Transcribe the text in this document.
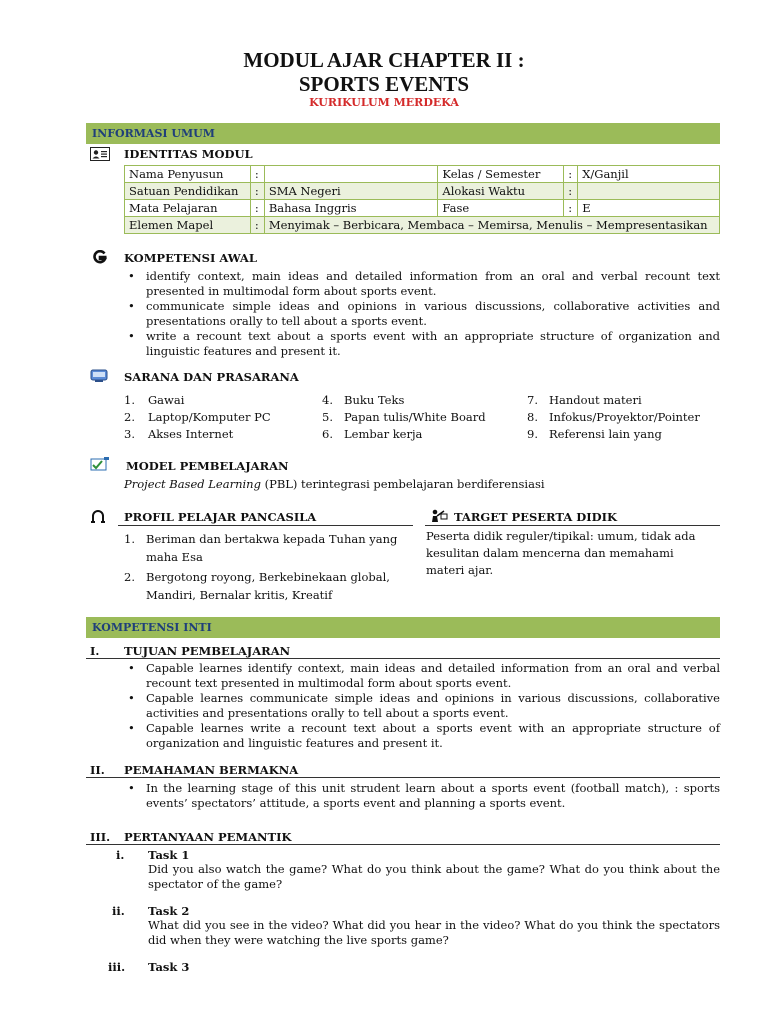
MODUL AJAR CHAPTER II :
SPORTS EVENTS
KURIKULUM MERDEKA
INFORMASI UMUM
IDENTITAS MODUL
Nama Penyusun	:		Kelas / Semester	:	X/Ganjil
Satuan Pendidikan	:	SMA Negeri	Alokasi Waktu	:	
Mata Pelajaran	:	Bahasa Inggris	Fase	:	E
Elemen Mapel	:	Menyimak – Berbicara, Membaca – Memirsa, Menulis – Mempresentasikan			
KOMPETENSI AWAL
• identify context, main ideas and detailed information from an oral and verbal recount text presented in multimodal form about sports event.
• communicate simple ideas and opinions in various discussions, collaborative activities and presentations orally to tell about a sports event.
• write a recount text about a sports event with an appropriate structure of organization and linguistic features and present it.
SARANA DAN PRASARANA
1. Gawai
2. Laptop/Komputer PC
3. Akses Internet
4. Buku Teks
5. Papan tulis/White Board
6. Lembar kerja
7. Handout materi
8. Infokus/Proyektor/Pointer
9. Referensi lain yang
MODEL PEMBELAJARAN
Project Based Learning (PBL) terintegrasi pembelajaran berdiferensiasi
PROFIL PELAJAR PANCASILA
1. Beriman dan bertakwa kepada Tuhan yang maha Esa
2. Bergotong royong, Berkebinekaan global, Mandiri, Bernalar kritis, Kreatif
TARGET PESERTA DIDIK
Peserta didik reguler/tipikal: umum, tidak ada kesulitan dalam mencerna dan memahami materi ajar.
KOMPETENSI INTI
I. TUJUAN PEMBELAJARAN
• Capable learnes identify context, main ideas and detailed information from an oral and verbal recount text presented in multimodal form about sports event.
• Capable learnes communicate simple ideas and opinions in various discussions, collaborative activities and presentations orally to tell about a sports event.
• Capable learnes write a recount text about a sports event with an appropriate structure of organization and linguistic features and present it.
II. PEMAHAMAN BERMAKNA
• In the learning stage of this unit strudent learn about a sports event (football match), : sports events’ spectators’ attitude, a sports event and planning a sports event.
III. PERTANYAAN PEMANTIK
i. Task 1
Did you also watch the game? What do you think about the game? What do you think about the spectator of the game?
ii. Task 2
What did you see in the video? What did you hear in the video? What do you think the spectators did when they were watching the live sports game?
iii. Task 3
